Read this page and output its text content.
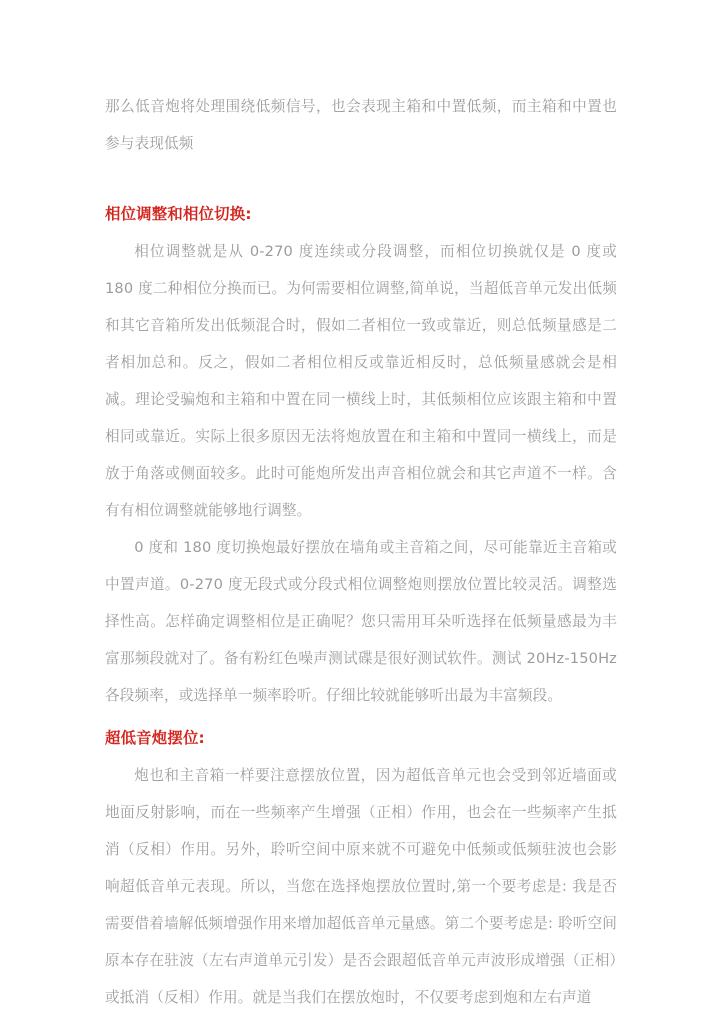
那么低音炮将处理围绕低频信号，也会表现主箱和中置低频，而主箱和中置也参与表现低频

相位调整和相位切换:

相位调整就是从 0-270 度连续或分段调整，而相位切换就仅是 0 度或 180 度二种相位分换而已。为何需要相位调整,简单说，当超低音单元发出低频和其它音箱所发出低频混合时，假如二者相位一致或靠近，则总低频量感是二者相加总和。反之，假如二者相位相反或靠近相反时，总低频量感就会是相减。理论受骗炮和主箱和中置在同一横线上时，其低频相位应该跟主箱和中置相同或靠近。实际上很多原因无法将炮放置在和主箱和中置同一横线上，而是放于角落或侧面较多。此时可能炮所发出声音相位就会和其它声道不一样。含有有相位调整就能够地行调整。

0 度和 180 度切换炮最好摆放在墙角或主音箱之间，尽可能靠近主音箱或中置声道。0-270 度无段式或分段式相位调整炮则摆放位置比较灵活。调整选择性高。怎样确定调整相位是正确呢？您只需用耳朵听选择在低频量感最为丰富那频段就对了。备有粉红色噪声测试碟是很好测试软件。测试 20Hz-150Hz 各段频率，或选择单一频率聆听。仔细比较就能够听出最为丰富频段。

超低音炮摆位:

炮也和主音箱一样要注意摆放位置，因为超低音单元也会受到邻近墙面或地面反射影响，而在一些频率产生增强（正相）作用，也会在一些频率产生抵消（反相）作用。另外，聆听空间中原来就不可避免中低频或低频驻波也会影响超低音单元表现。所以，当您在选择炮摆放位置时,第一个要考虑是: 我是否需要借着墙解低频增强作用来增加超低音单元量感。第二个要考虑是: 聆听空间原本存在驻波（左右声道单元引发）是否会跟超低音单元声波形成增强（正相）或抵消（反相）作用。就是当我们在摆放炮时，不仅要考虑到炮和左右声道
